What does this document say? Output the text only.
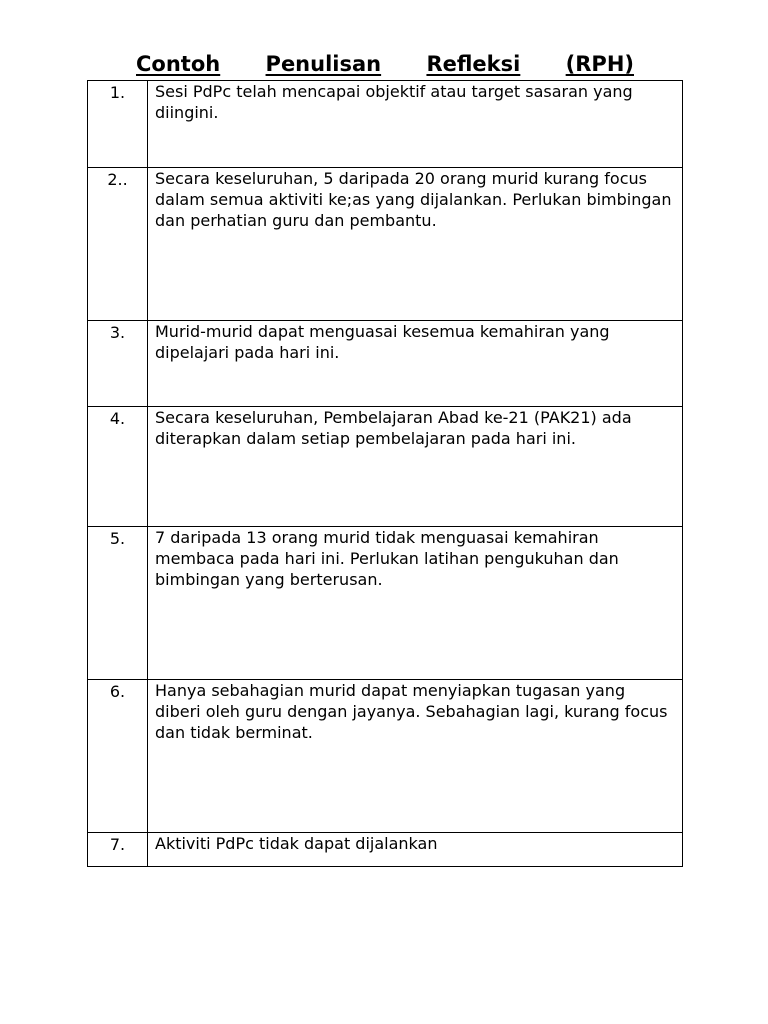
Contoh Penulisan Refleksi (RPH)
1.	Sesi PdPc telah mencapai objektif atau target sasaran yang diingini.

2..	Secara keseluruhan, 5 daripada 20 orang murid kurang focus dalam semua aktiviti ke;as yang dijalankan. Perlukan bimbingan dan perhatian guru dan pembantu.

3.	Murid-murid dapat menguasai kesemua kemahiran yang dipelajari pada hari ini.

4.	Secara keseluruhan, Pembelajaran Abad ke-21 (PAK21) ada diterapkan dalam setiap pembelajaran pada hari ini.

5.	7 daripada 13 orang murid tidak menguasai kemahiran membaca pada hari ini. Perlukan latihan pengukuhan dan bimbingan yang berterusan.

6.	Hanya sebahagian murid dapat menyiapkan tugasan yang diberi oleh guru dengan jayanya. Sebahagian lagi, kurang focus dan tidak berminat.

7.	Aktiviti PdPc tidak dapat dijalankan
